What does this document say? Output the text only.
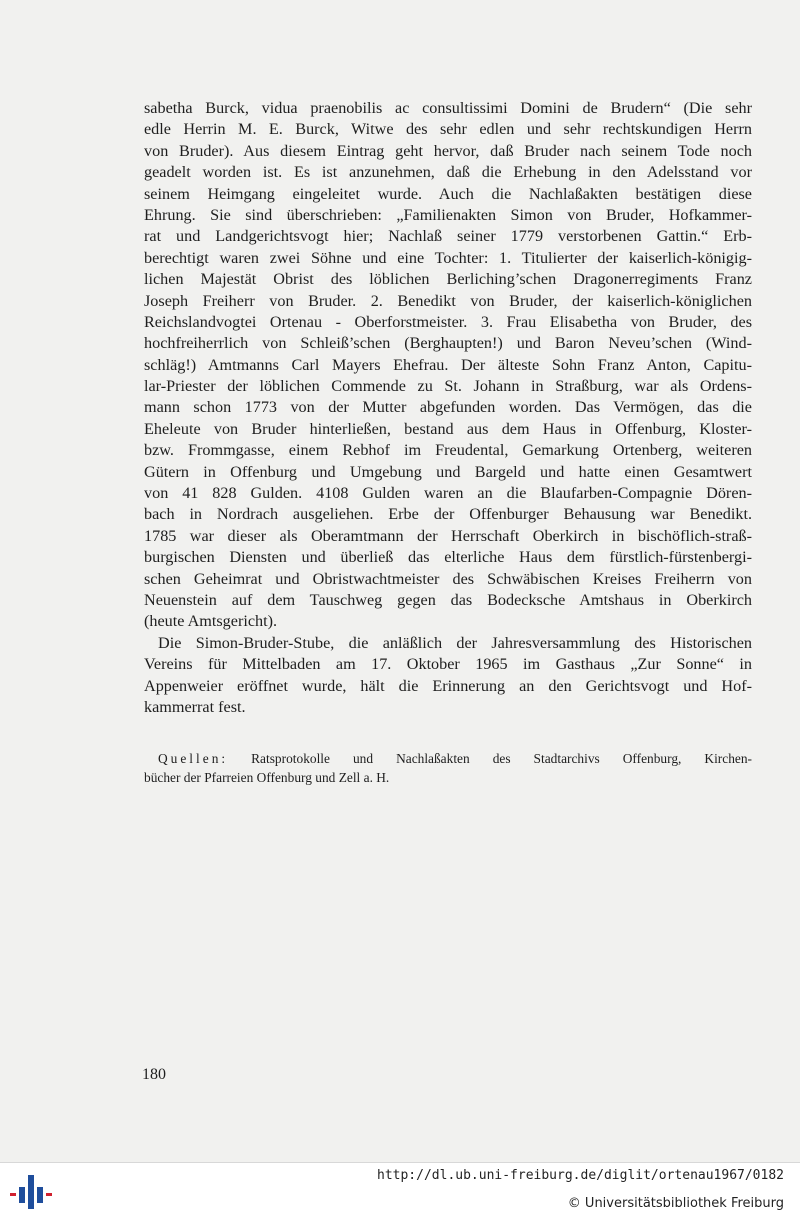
sabetha Burck, vidua praenobilis ac consultissimi Domini de Brudern“ (Die sehr
edle Herrin M. E. Burck, Witwe des sehr edlen und sehr rechtskundigen Herrn
von Bruder). Aus diesem Eintrag geht hervor, daß Bruder nach seinem Tode noch
geadelt worden ist. Es ist anzunehmen, daß die Erhebung in den Adelsstand vor
seinem Heimgang eingeleitet wurde. Auch die Nachlaßakten bestätigen diese
Ehrung. Sie sind überschrieben: „Familienakten Simon von Bruder, Hofkammer-
rat und Landgerichtsvogt hier; Nachlaß seiner 1779 verstorbenen Gattin.“ Erb-
berechtigt waren zwei Söhne und eine Tochter: 1. Titulierter der kaiserlich-königig-
lichen Majestät Obrist des löblichen Berliching’schen Dragonerregiments Franz
Joseph Freiherr von Bruder. 2. Benedikt von Bruder, der kaiserlich-königlichen
Reichslandvogtei Ortenau - Oberforstmeister. 3. Frau Elisabetha von Bruder, des
hochfreiherrlich von Schleiß’schen (Berghaupten!) und Baron Neveu’schen (Wind-
schläg!) Amtmanns Carl Mayers Ehefrau. Der älteste Sohn Franz Anton, Capitu-
lar-Priester der löblichen Commende zu St. Johann in Straßburg, war als Ordens-
mann schon 1773 von der Mutter abgefunden worden. Das Vermögen, das die
Eheleute von Bruder hinterließen, bestand aus dem Haus in Offenburg, Kloster-
bzw. Frommgasse, einem Rebhof im Freudental, Gemarkung Ortenberg, weiteren
Gütern in Offenburg und Umgebung und Bargeld und hatte einen Gesamtwert
von 41 828 Gulden. 4108 Gulden waren an die Blaufarben-Compagnie Dören-
bach in Nordrach ausgeliehen. Erbe der Offenburger Behausung war Benedikt.
1785 war dieser als Oberamtmann der Herrschaft Oberkirch in bischöflich-straß-
burgischen Diensten und überließ das elterliche Haus dem fürstlich-fürstenbergi-
schen Geheimrat und Obristwachtmeister des Schwäbischen Kreises Freiherrn von
Neuenstein auf dem Tauschweg gegen das Bodecksche Amtshaus in Oberkirch
(heute Amtsgericht).
Die Simon-Bruder-Stube, die anläßlich der Jahresversammlung des Historischen
Vereins für Mittelbaden am 17. Oktober 1965 im Gasthaus „Zur Sonne“ in
Appenweier eröffnet wurde, hält die Erinnerung an den Gerichtsvogt und Hof-
kammerrat fest.
Quellen: Ratsprotokolle und Nachlaßakten des Stadtarchivs Offenburg, Kirchen-
bücher der Pfarreien Offenburg und Zell a. H.
180
http://dl.ub.uni-freiburg.de/diglit/ortenau1967/0182
© Universitätsbibliothek Freiburg
